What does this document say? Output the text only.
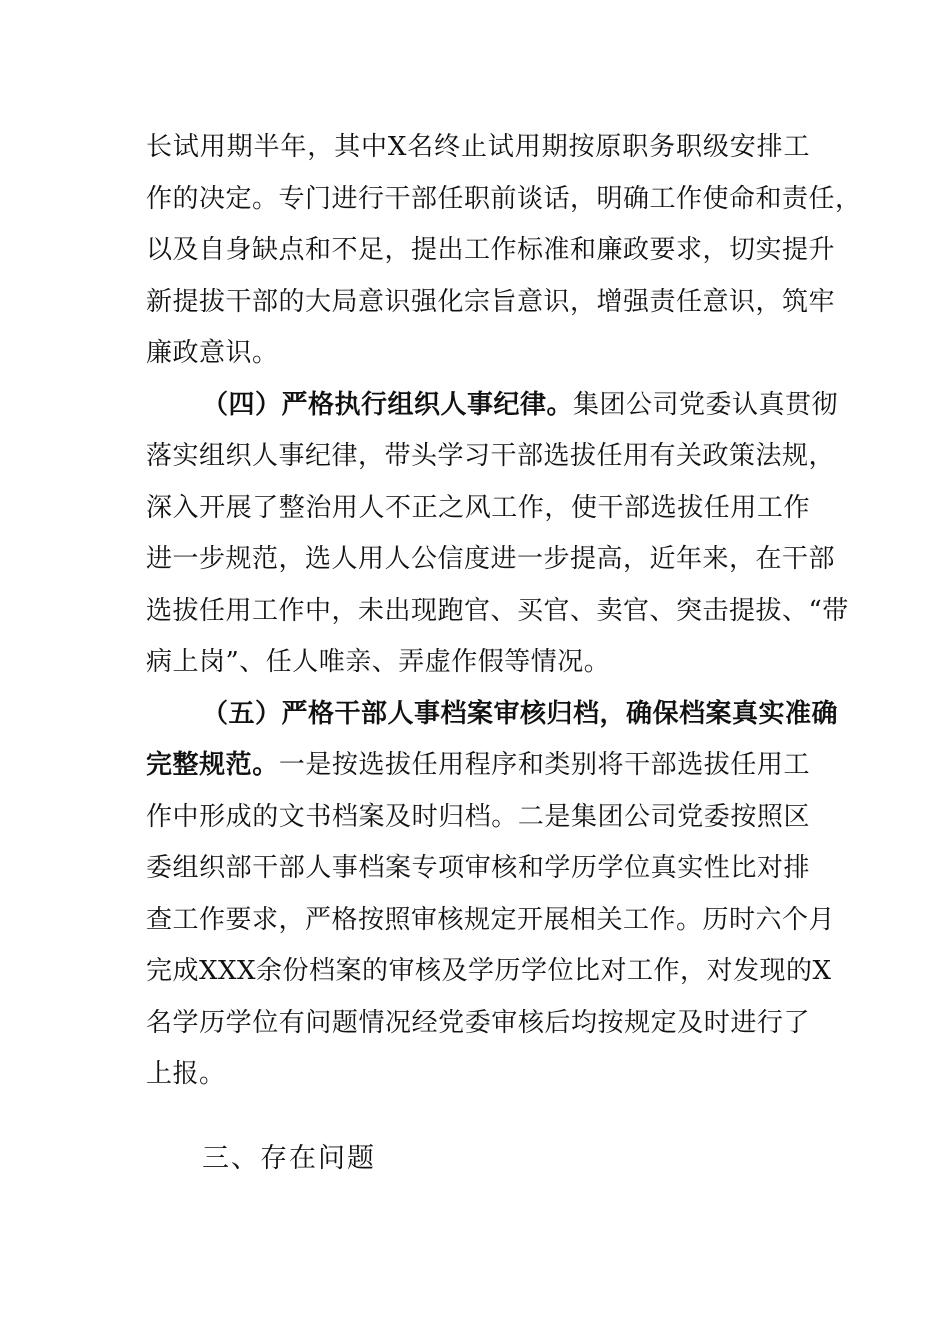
长试用期半年，其中X名终止试用期按原职务职级安排工
作的决定。专门进行干部任职前谈话，明确工作使命和责任，
以及自身缺点和不足，提出工作标准和廉政要求，切实提升
新提拔干部的大局意识强化宗旨意识，增强责任意识，筑牢
廉政意识。
（四）严格执行组织人事纪律。集团公司党委认真贯彻
落实组织人事纪律，带头学习干部选拔任用有关政策法规，
深入开展了整治用人不正之风工作，使干部选拔任用工作
进一步规范，选人用人公信度进一步提高，近年来，在干部
选拔任用工作中，未出现跑官、买官、卖官、突击提拔、“带
病上岗”、任人唯亲、弄虚作假等情况。
（五）严格干部人事档案审核归档，确保档案真实准确
完整规范。一是按选拔任用程序和类别将干部选拔任用工
作中形成的文书档案及时归档。二是集团公司党委按照区
委组织部干部人事档案专项审核和学历学位真实性比对排
查工作要求，严格按照审核规定开展相关工作。历时六个月
完成XXX余份档案的审核及学历学位比对工作，对发现的X
名学历学位有问题情况经党委审核后均按规定及时进行了
上报。
三、存在问题
